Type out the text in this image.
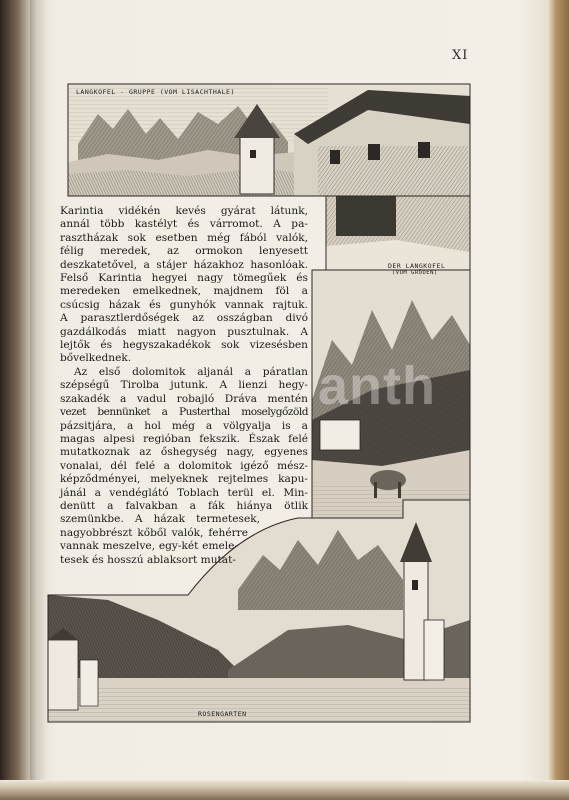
XI
LANGKOFEL - GRUPPE (VOM LISACHTHALE)
DER LANGKOFEL
(VOM GRÖDEN)
ROSENGARTEN
Karintia vidékén kevés gyárat látunk,
annál több kastélyt és várromot. A pa-
rasztházak sok esetben még fából valók,
félig meredek, az ormokon lenyesett
deszkatetővel, a stájer házakhoz hasonlóak.
Felső Karintia hegyei nagy tömegűek és
meredeken emelkednek, majdnem föl a
csúcsig házak és gunyhók vannak rajtuk.
A parasztlerdőségek az osszágban divó
gazdálkodás miatt nagyon pusztulnak. A
lejtők és hegyszakadékok sok vizesésben
bővelkednek.
Az első dolomitok aljanál a páratlan
szépségű Tirolba jutunk. A lienzi hegy-
szakadék a vadul robajló Dráva mentén
vezet bennünket a Pusterthal moselygőzöld
pázsitjára, a hol még a völgyalja is a
magas alpesi regióban fekszik. Észak felé
mutatkoznak az őshegység nagy, egyenes
vonalai, dél felé a dolomitok igéző mész-
képződményei, melyeknek rejtelmes kapu-
jánál a vendéglátó Toblach terül el. Min-
denütt a falvakban a fák hiánya ötlik
szemünkbe. A házak termetesek,
nagyobbrészt kőből valók, fehérre
vannak meszelve, egy-két emele-
tesek és hosszú ablaksort mutat-
anth
